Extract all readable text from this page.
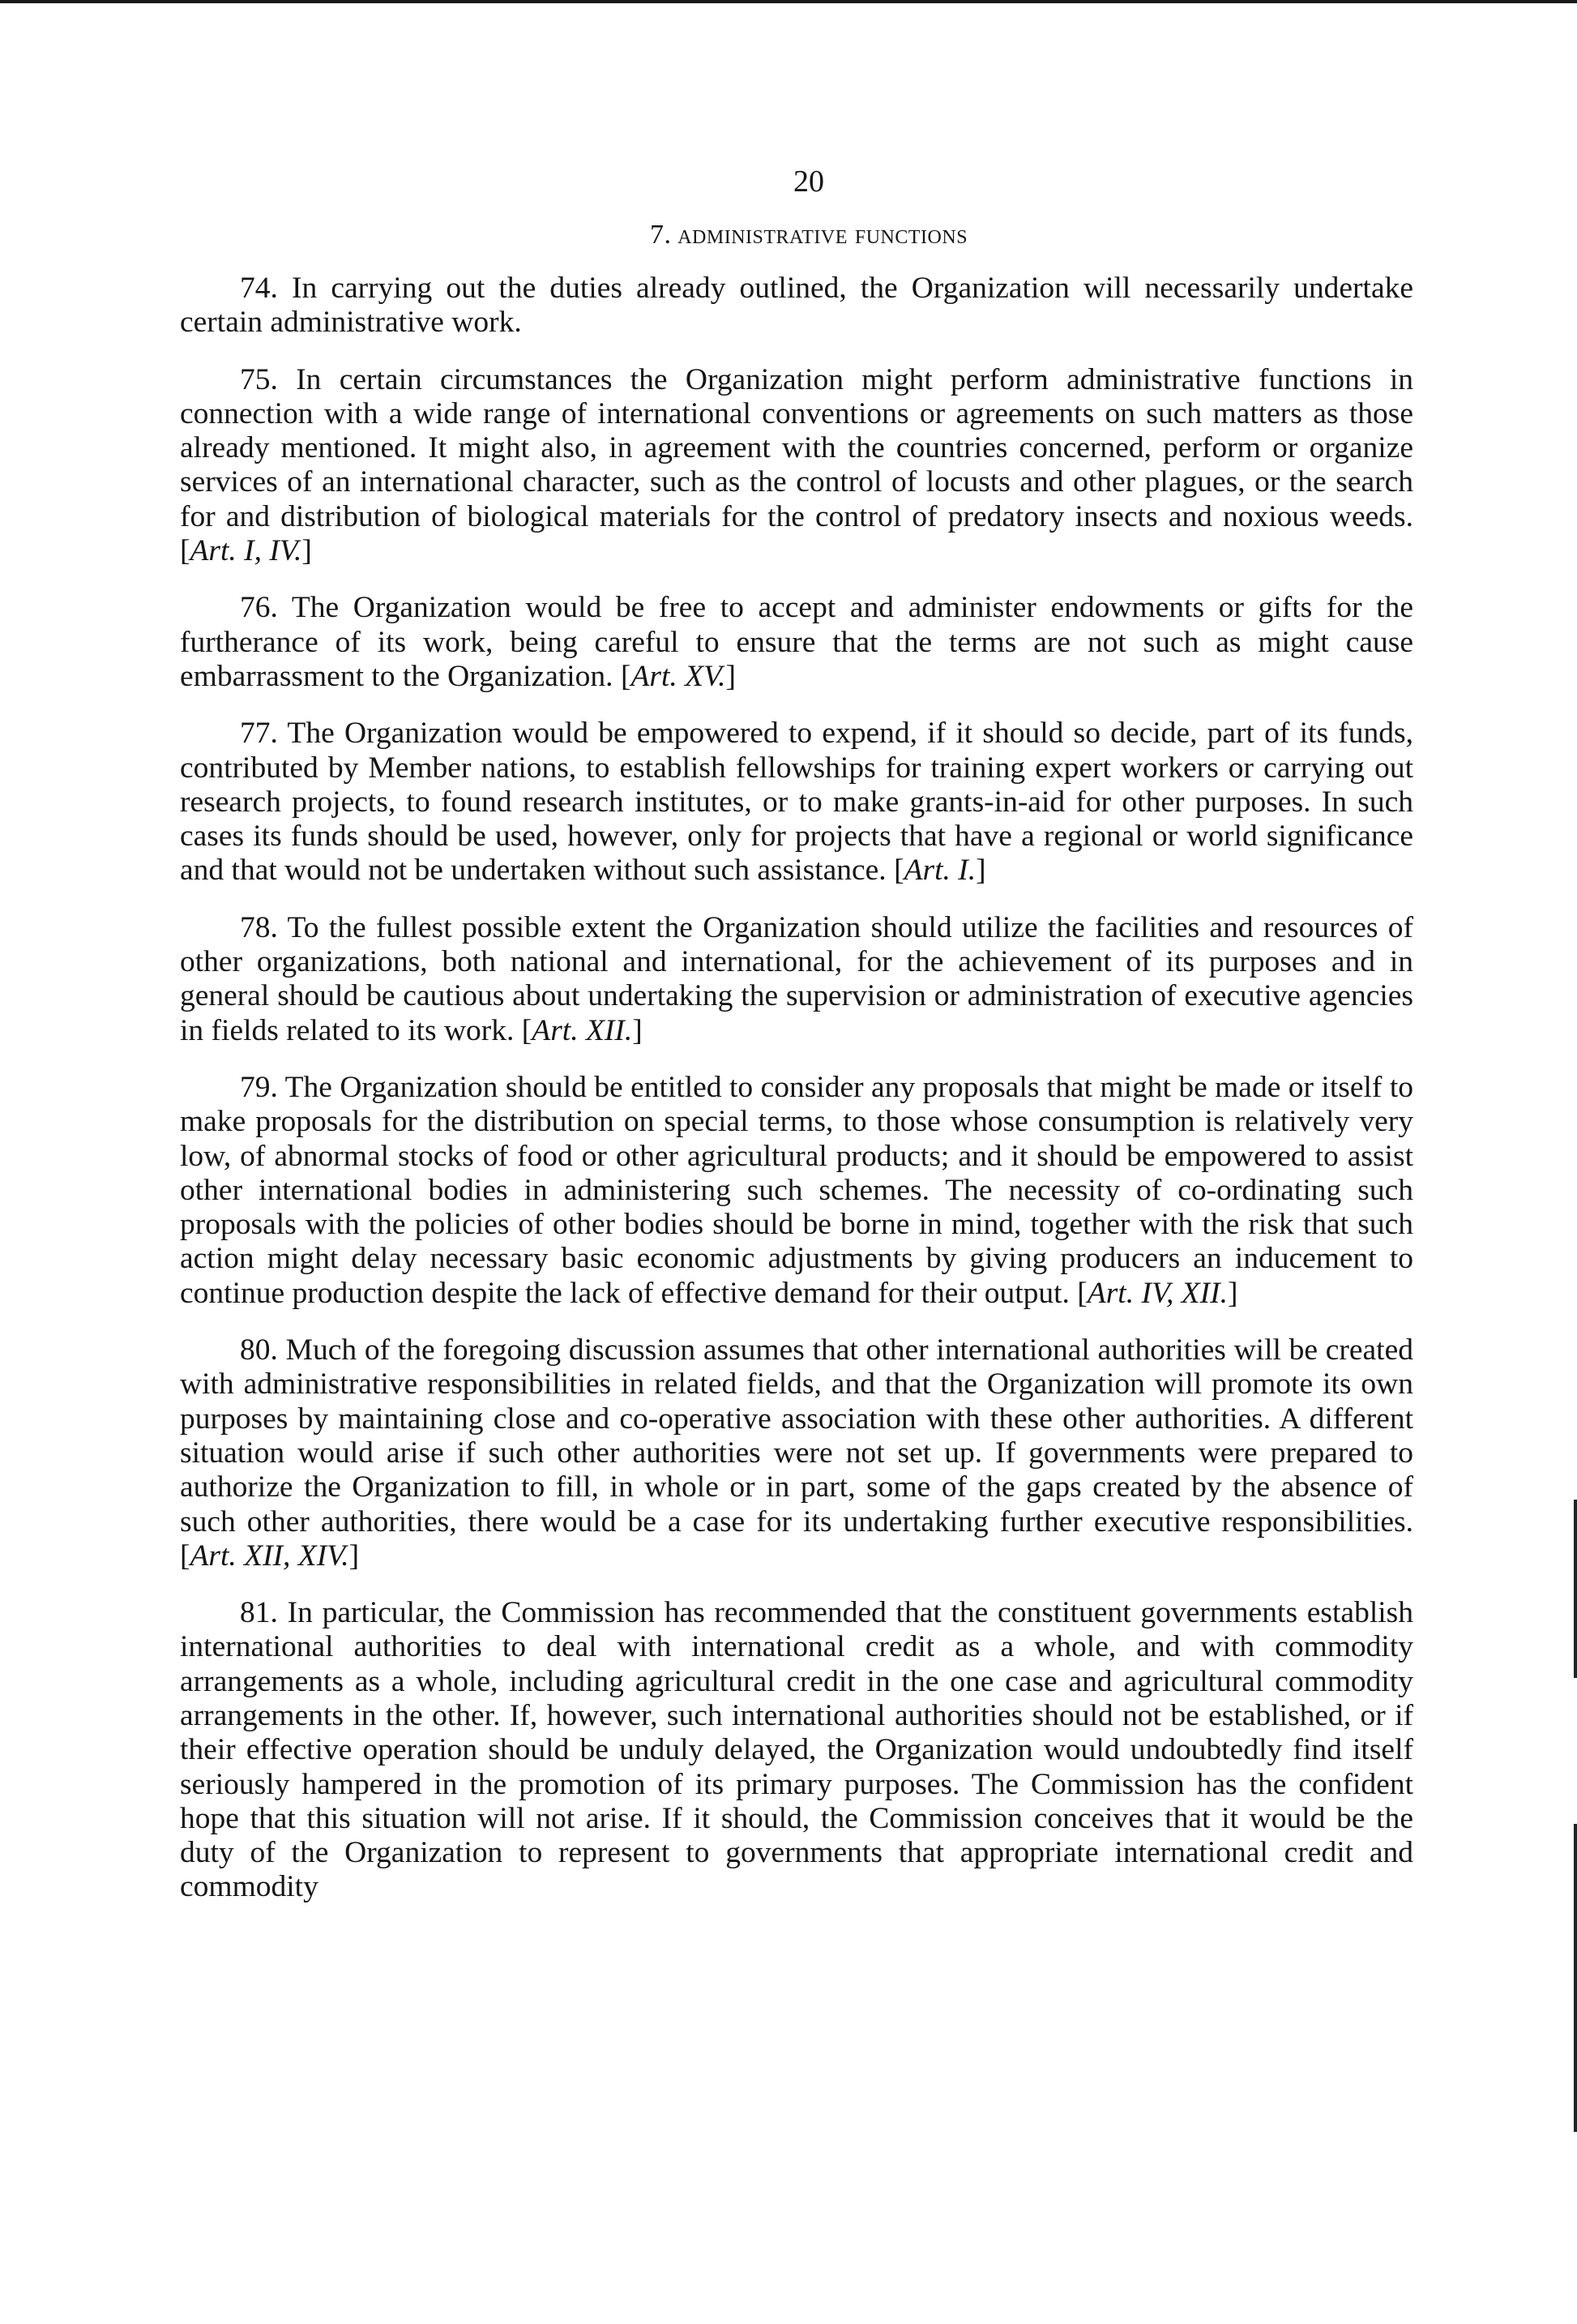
20
7. administrative functions

74. In carrying out the duties already outlined, the Organization will necessarily undertake certain administrative work.

75. In certain circumstances the Organization might perform administrative functions in connection with a wide range of international conventions or agreements on such matters as those already mentioned. It might also, in agreement with the countries concerned, perform or organize services of an international character, such as the control of locusts and other plagues, or the search for and distribution of biological materials for the control of predatory insects and noxious weeds. [Art. I, IV.]

76. The Organization would be free to accept and administer endowments or gifts for the furtherance of its work, being careful to ensure that the terms are not such as might cause embarrassment to the Organization. [Art. XV.]

77. The Organization would be empowered to expend, if it should so decide, part of its funds, contributed by Member nations, to establish fellowships for training expert workers or carrying out research projects, to found research institutes, or to make grants-in-aid for other purposes. In such cases its funds should be used, however, only for projects that have a regional or world significance and that would not be undertaken without such assistance. [Art. I.]

78. To the fullest possible extent the Organization should utilize the facilities and resources of other organizations, both national and international, for the achievement of its purposes and in general should be cautious about undertaking the supervision or administration of executive agencies in fields related to its work. [Art. XII.]

79. The Organization should be entitled to consider any proposals that might be made or itself to make proposals for the distribution on special terms, to those whose consumption is relatively very low, of abnormal stocks of food or other agricultural products; and it should be empowered to assist other international bodies in administering such schemes. The necessity of co-ordinating such proposals with the policies of other bodies should be borne in mind, together with the risk that such action might delay necessary basic economic adjustments by giving producers an inducement to continue production despite the lack of effective demand for their output. [Art. IV, XII.]

80. Much of the foregoing discussion assumes that other international authorities will be created with administrative responsibilities in related fields, and that the Organization will promote its own purposes by maintaining close and co-operative association with these other authorities. A different situation would arise if such other authorities were not set up. If governments were prepared to authorize the Organization to fill, in whole or in part, some of the gaps created by the absence of such other authorities, there would be a case for its undertaking further executive responsibilities. [Art. XII, XIV.]

81. In particular, the Commission has recommended that the constituent governments establish international authorities to deal with international credit as a whole, and with commodity arrangements as a whole, including agricultural credit in the one case and agricultural commodity arrangements in the other. If, however, such international authorities should not be established, or if their effective operation should be unduly delayed, the Organization would undoubtedly find itself seriously hampered in the promotion of its primary purposes. The Commission has the confident hope that this situation will not arise. If it should, the Commission conceives that it would be the duty of the Organization to represent to governments that appropriate international credit and commodity
